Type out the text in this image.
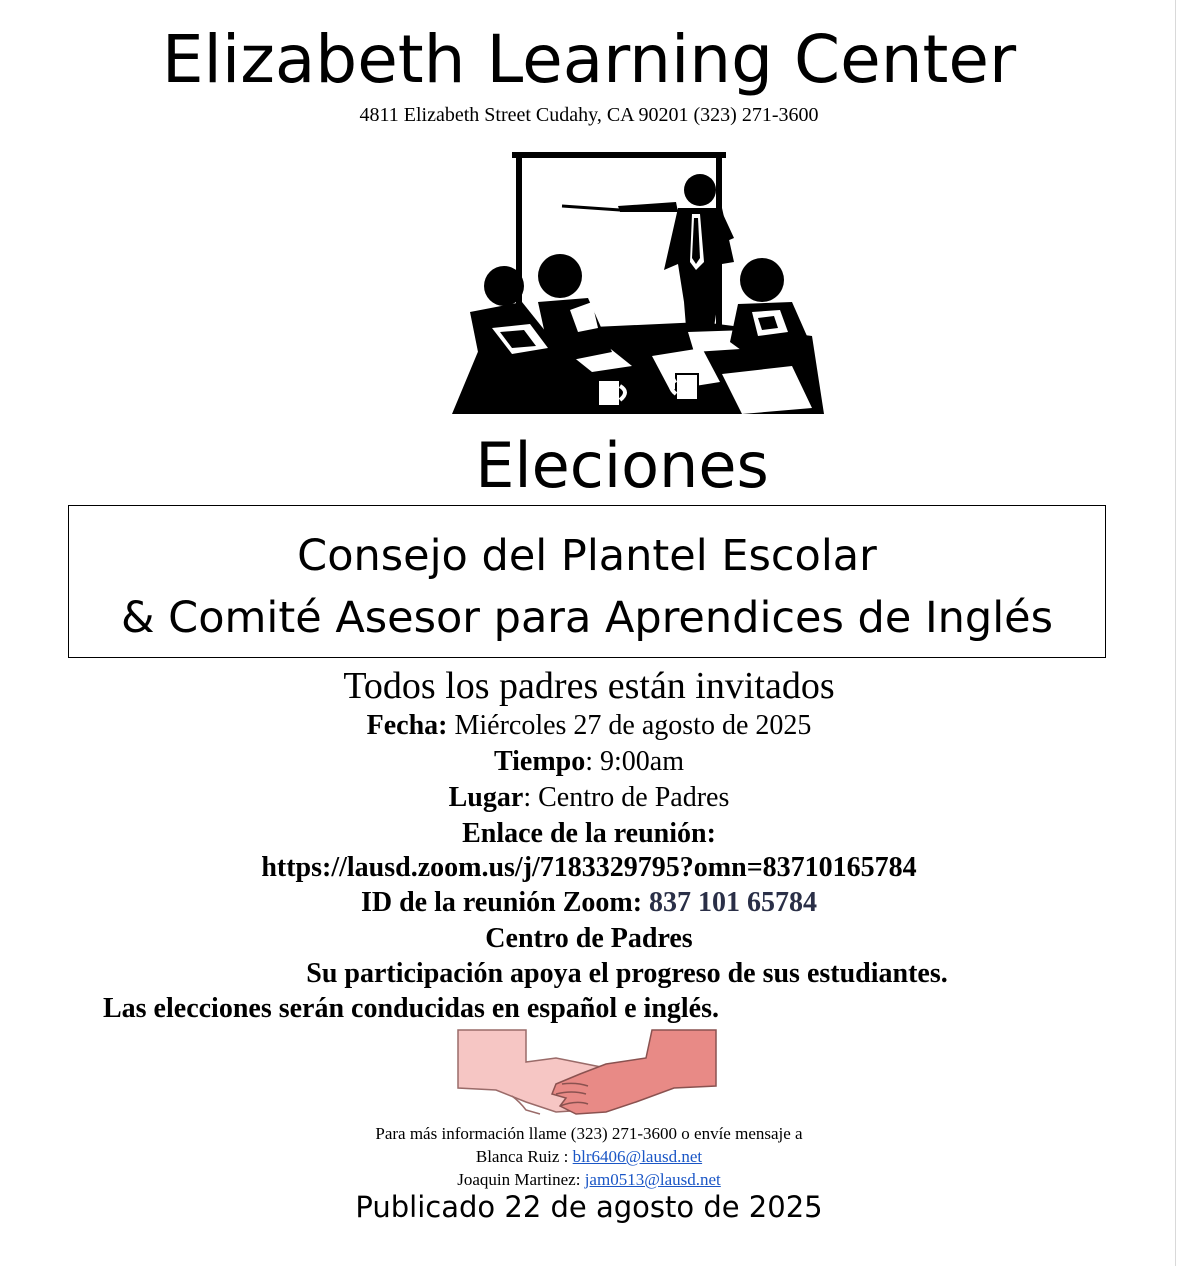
Elizabeth Learning Center
4811 Elizabeth Street Cudahy, CA 90201 (323) 271-3600
Eleciones
Consejo del Plantel Escolar
& Comité Asesor para Aprendices de Inglés
Todos los padres están invitados
Fecha: Miércoles 27 de agosto de 2025
Tiempo: 9:00am
Lugar: Centro de Padres
Enlace de la reunión:
https://lausd.zoom.us/j/7183329795?omn=83710165784
ID de la reunión Zoom: 837 101 65784
Centro de Padres
Su participación apoya el progreso de sus estudiantes.
Las elecciones serán conducidas en español e inglés.
Para más información llame (323) 271-3600 o envíe mensaje a
Blanca Ruiz : blr6406@lausd.net
Joaquin Martinez: jam0513@lausd.net
Publicado 22 de agosto de 2025
